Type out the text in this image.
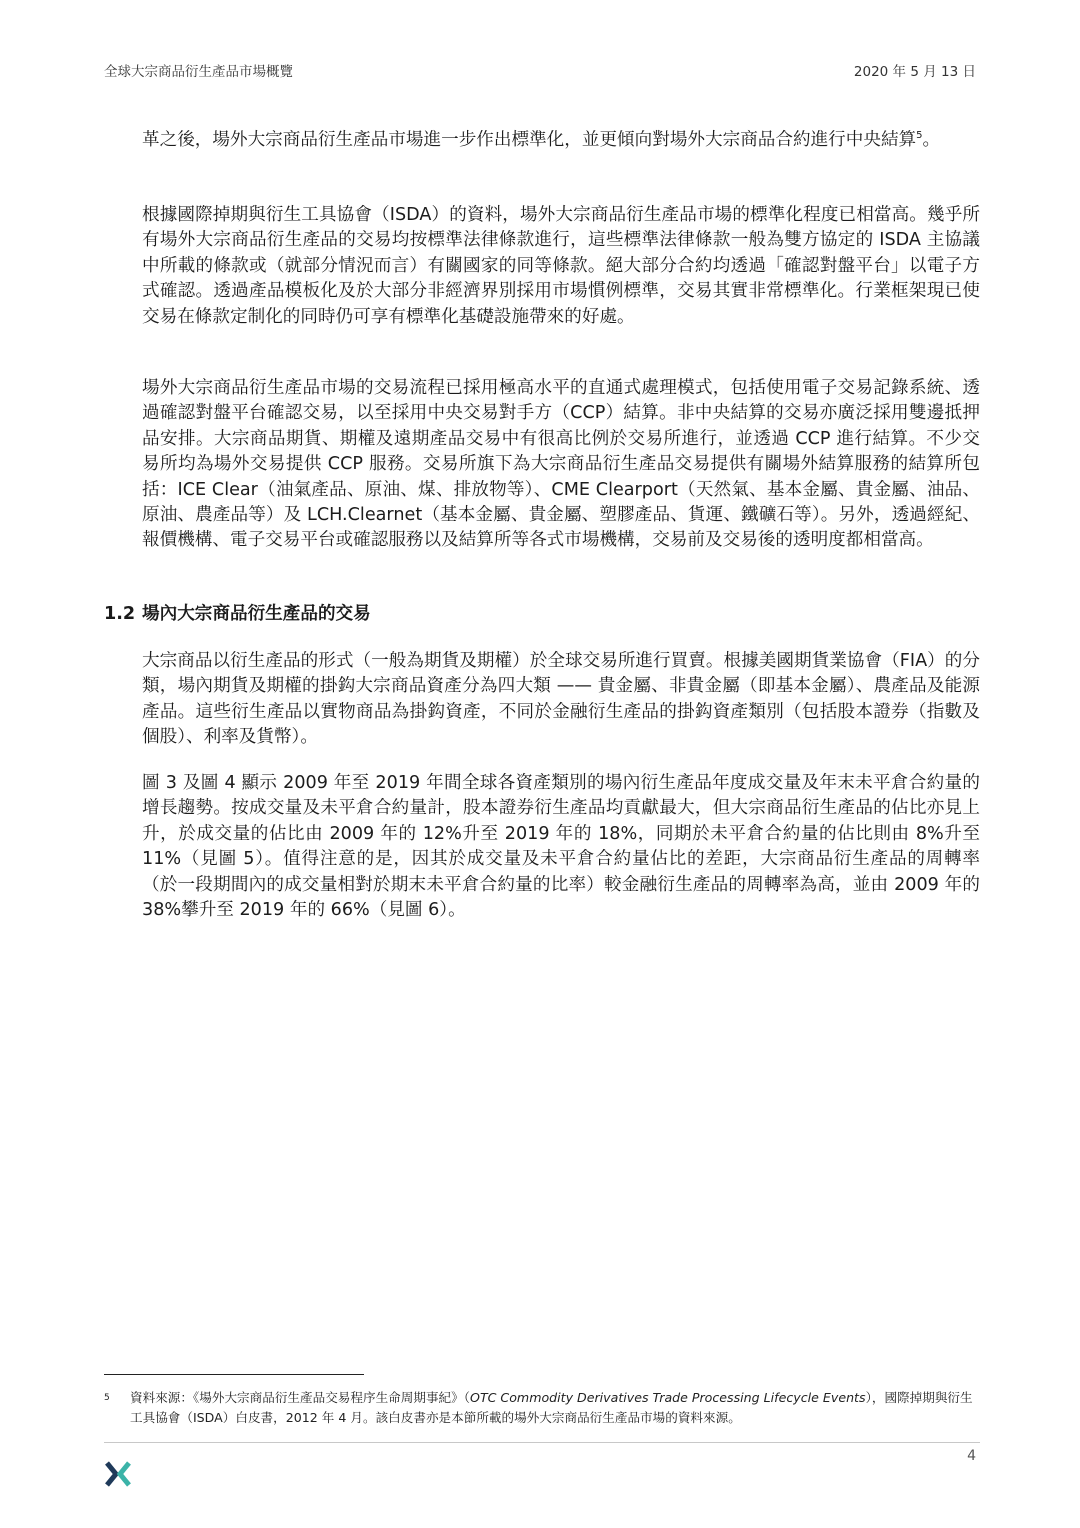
全球大宗商品衍生產品市場概覽	2020 年 5 月 13 日

革之後，場外大宗商品衍生產品市場進一步作出標準化，並更傾向對場外大宗商品合約進行中央結算$^5$。

根據國際掉期與衍生工具協會（ISDA）的資料，場外大宗商品衍生產品市場的標準化程度已相當高。幾乎所有場外大宗商品衍生產品的交易均按標準法律條款進行，這些標準法律條款一般為雙方協定的 ISDA 主協議中所載的條款或（就部分情況而言）有關國家的同等條款。絕大部分合約均透過「確認對盤平台」以電子方式確認。透過產品模板化及於大部分非經濟界別採用市場慣例標準，交易其實非常標準化。行業框架現已使交易在條款定制化的同時仍可享有標準化基礎設施帶來的好處。

場外大宗商品衍生產品市場的交易流程已採用極高水平的直通式處理模式，包括使用電子交易記錄系統、透過確認對盤平台確認交易，以至採用中央交易對手方（CCP）結算。非中央結算的交易亦廣泛採用雙邊抵押品安排。大宗商品期貨、期權及遠期產品交易中有很高比例於交易所進行，並透過 CCP 進行結算。不少交易所均為場外交易提供 CCP 服務。交易所旗下為大宗商品衍生產品交易提供有關場外結算服務的結算所包括：ICE Clear（油氣產品、原油、煤、排放物等）、CME Clearport（天然氣、基本金屬、貴金屬、油品、原油、農產品等）及 LCH.Clearnet（基本金屬、貴金屬、塑膠產品、貨運、鐵礦石等）。另外，透過經紀、報價機構、電子交易平台或確認服務以及結算所等各式市場機構，交易前及交易後的透明度都相當高。

1.2 場內大宗商品衍生產品的交易

大宗商品以衍生產品的形式（一般為期貨及期權）於全球交易所進行買賣。根據美國期貨業協會（FIA）的分類，場內期貨及期權的掛鈎大宗商品資產分為四大類 —— 貴金屬、非貴金屬（即基本金屬）、農產品及能源產品。這些衍生產品以實物商品為掛鈎資產，不同於金融衍生產品的掛鈎資產類別（包括股本證券（指數及個股）、利率及貨幣）。

圖 3 及圖 4 顯示 2009 年至 2019 年間全球各資產類別的場內衍生產品年度成交量及年末未平倉合約量的增長趨勢。按成交量及未平倉合約量計，股本證券衍生產品均貢獻最大，但大宗商品衍生產品的佔比亦見上升，於成交量的佔比由 2009 年的 12%升至 2019 年的 18%，同期於未平倉合約量的佔比則由 8%升至 11%（見圖 5）。值得注意的是，因其於成交量及未平倉合約量佔比的差距，大宗商品衍生產品的周轉率（於一段期間內的成交量相對於期末未平倉合約量的比率）較金融衍生產品的周轉率為高，並由 2009 年的 38%攀升至 2019 年的 66%（見圖 6）。

5 資料來源：《場外大宗商品衍生產品交易程序生命周期事紀》（OTC Commodity Derivatives Trade Processing Lifecycle Events），國際掉期與衍生工具協會（ISDA）白皮書，2012 年 4 月。該白皮書亦是本節所載的場外大宗商品衍生產品市場的資料來源。
4
